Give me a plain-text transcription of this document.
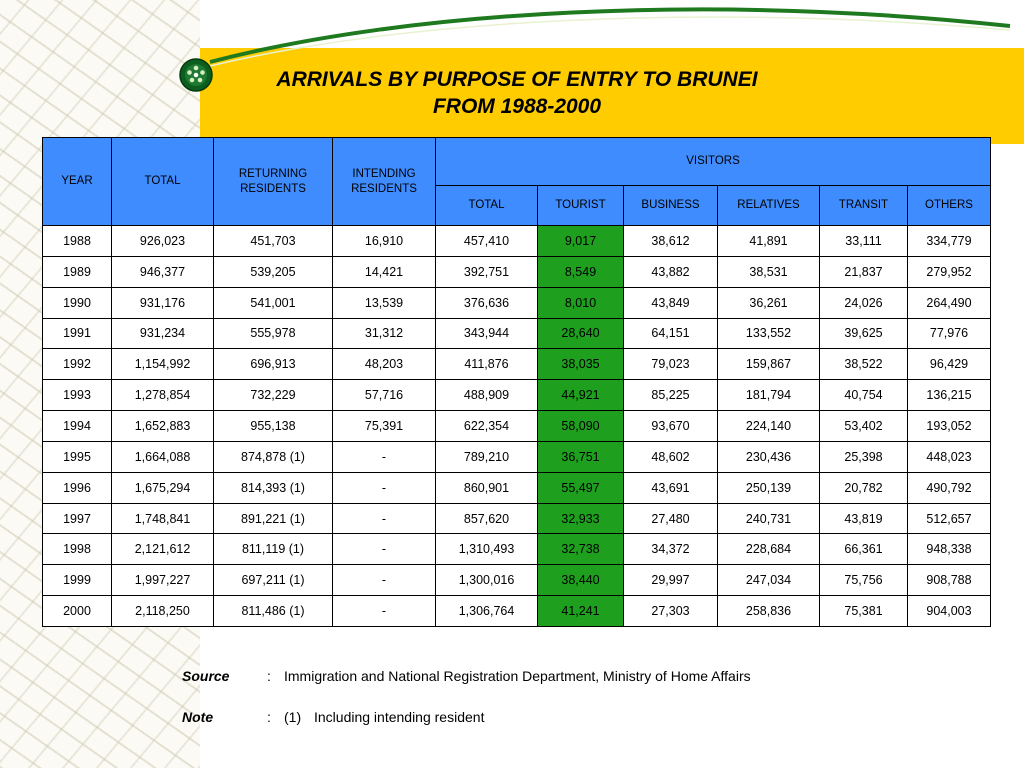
ARRIVALS BY PURPOSE OF ENTRY TO BRUNEI
FROM 1988-2000
YEAR	TOTAL	RETURNING RESIDENTS	INTENDING RESIDENTS	VISITORS					
				TOTAL	TOURIST	BUSINESS	RELATIVES	TRANSIT	OTHERS
1988	926,023	451,703	16,910	457,410	9,017	38,612	41,891	33,111	334,779
1989	946,377	539,205	14,421	392,751	8,549	43,882	38,531	21,837	279,952
1990	931,176	541,001	13,539	376,636	8,010	43,849	36,261	24,026	264,490
1991	931,234	555,978	31,312	343,944	28,640	64,151	133,552	39,625	77,976
1992	1,154,992	696,913	48,203	411,876	38,035	79,023	159,867	38,522	96,429
1993	1,278,854	732,229	57,716	488,909	44,921	85,225	181,794	40,754	136,215
1994	1,652,883	955,138	75,391	622,354	58,090	93,670	224,140	53,402	193,052
1995	1,664,088	874,878 (1)	-	789,210	36,751	48,602	230,436	25,398	448,023
1996	1,675,294	814,393 (1)	-	860,901	55,497	43,691	250,139	20,782	490,792
1997	1,748,841	891,221 (1)	-	857,620	32,933	27,480	240,731	43,819	512,657
1998	2,121,612	811,119 (1)	-	1,310,493	32,738	34,372	228,684	66,361	948,338
1999	1,997,227	697,211 (1)	-	1,300,016	38,440	29,997	247,034	75,756	908,788
2000	2,118,250	811,486 (1)	-	1,306,764	41,241	27,303	258,836	75,381	904,003
Source	: Immigration and National Registration Department, Ministry of Home Affairs
Note	: (1) Including intending resident
